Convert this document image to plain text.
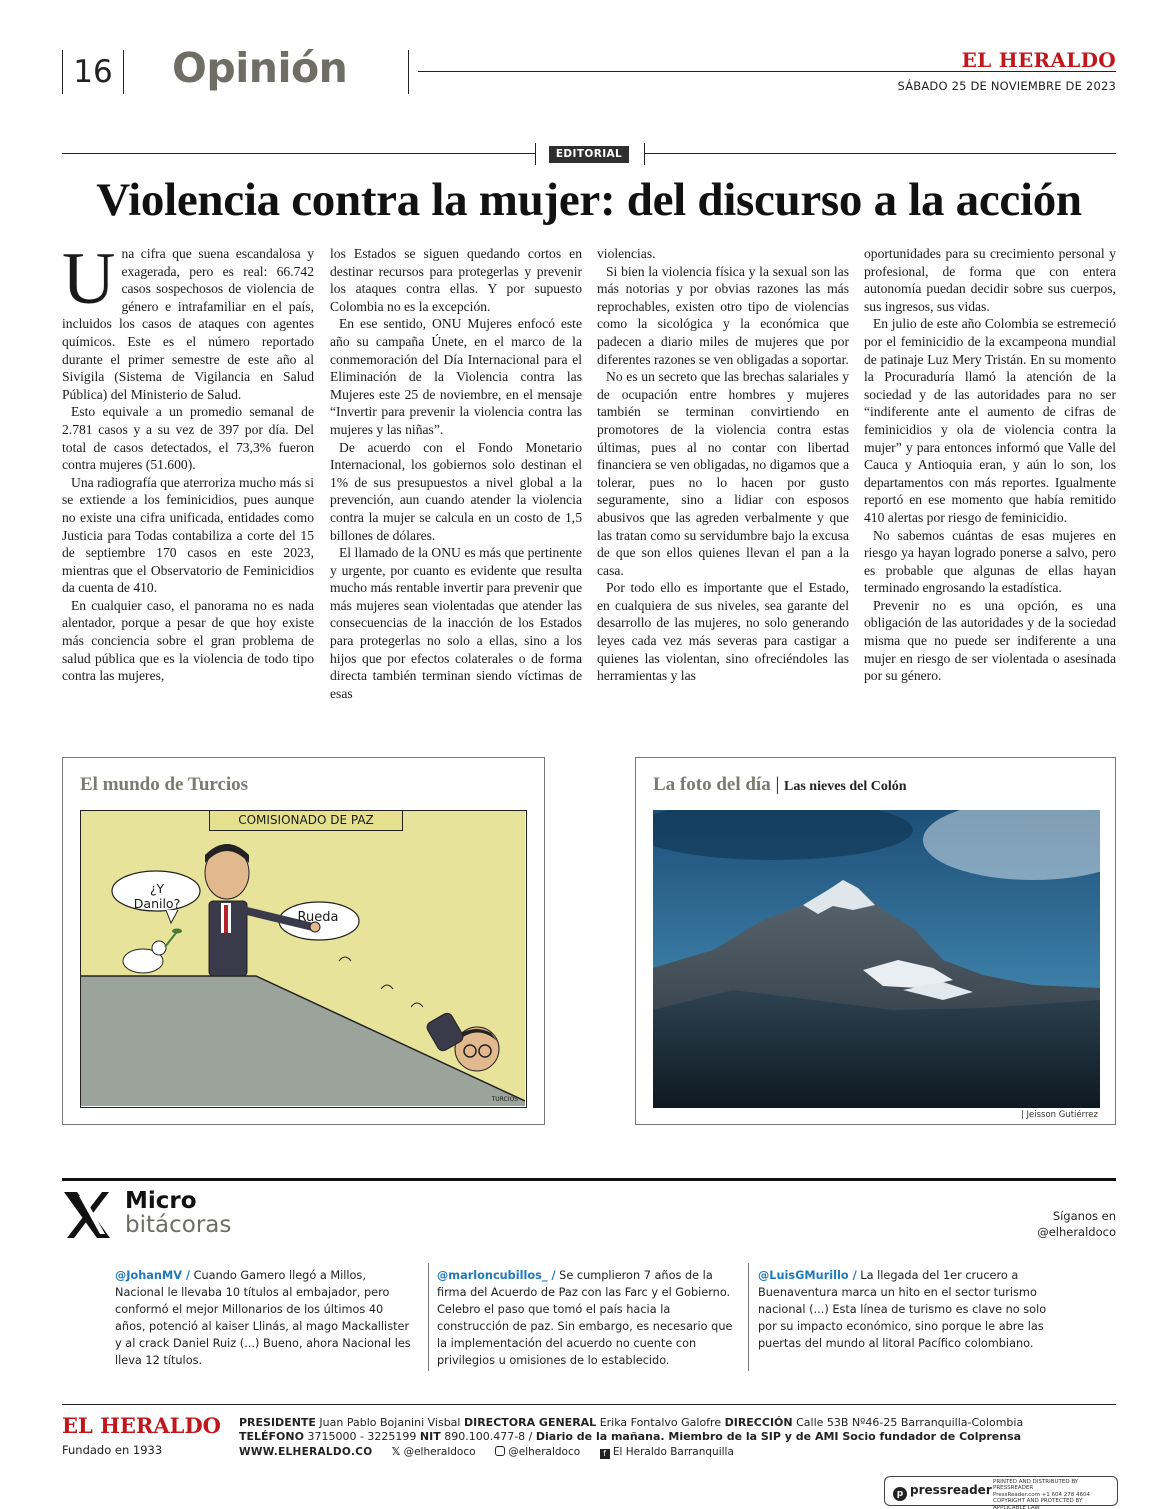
16 Opinión	EL HERALDO
SÁBADO 25 DE NOVIEMBRE DE 2023
EDITORIAL
Violencia contra la mujer: del discurso a la acción

Una cifra que suena escandalosa y exagerada, pero es real: 66.742 casos sospechosos de violencia de género e intrafamiliar en el país, incluidos los casos de ataques con agentes químicos. Este es el número reportado durante el primer semestre de este año al Sivigila (Sistema de Vigilancia en Salud Pública) del Ministerio de Salud.

Esto equivale a un promedio semanal de 2.781 casos y a su vez de 397 por día. Del total de casos detectados, el 73,3% fueron contra mujeres (51.600).

Una radiografía que aterroriza mucho más si se extiende a los feminicidios, pues aunque no existe una cifra unificada, entidades como Justicia para Todas contabiliza a corte del 15 de septiembre 170 casos en este 2023, mientras que el Observatorio de Feminicidios da cuenta de 410.

En cualquier caso, el panorama no es nada alentador, porque a pesar de que hoy existe más conciencia sobre el gran problema de salud pública que es la violencia de todo tipo contra las mujeres,

los Estados se siguen quedando cortos en destinar recursos para protegerlas y prevenir los ataques contra ellas. Y por supuesto Colombia no es la excepción.

En ese sentido, ONU Mujeres enfocó este año su campaña Únete, en el marco de la conmemoración del Día Internacional para el Eliminación de la Violencia contra las Mujeres este 25 de noviembre, en el mensaje “Invertir para prevenir la violencia contra las mujeres y las niñas”.

De acuerdo con el Fondo Monetario Internacional, los gobiernos solo destinan el 1% de sus presupuestos a nivel global a la prevención, aun cuando atender la violencia contra la mujer se calcula en un costo de 1,5 billones de dólares.

El llamado de la ONU es más que pertinente y urgente, por cuanto es evidente que resulta mucho más rentable invertir para prevenir que más mujeres sean violentadas que atender las consecuencias de la inacción de los Estados para protegerlas no solo a ellas, sino a los hijos que por efectos colaterales o de forma directa también terminan siendo víctimas de esas

violencias.

Si bien la violencia física y la sexual son las más notorias y por obvias razones las más reprochables, existen otro tipo de violencias como la sicológica y la económica que padecen a diario miles de mujeres que por diferentes razones se ven obligadas a soportar.

No es un secreto que las brechas salariales y de ocupación entre hombres y mujeres también se terminan convirtiendo en promotores de la violencia contra estas últimas, pues al no contar con libertad financiera se ven obligadas, no digamos que a tolerar, pues no lo hacen por gusto seguramente, sino a lidiar con esposos abusivos que las agreden verbalmente y que las tratan como su servidumbre bajo la excusa de que son ellos quienes llevan el pan a la casa.

Por todo ello es importante que el Estado, en cualquiera de sus niveles, sea garante del desarrollo de las mujeres, no solo generando leyes cada vez más severas para castigar a quienes las violentan, sino ofreciéndoles las herramientas y las

oportunidades para su crecimiento personal y profesional, de forma que con entera autonomía puedan decidir sobre sus cuerpos, sus ingresos, sus vidas.

En julio de este año Colombia se estremeció por el feminicidio de la excampeona mundial de patinaje Luz Mery Tristán. En su momento la Procuraduría llamó la atención de la sociedad y de las autoridades para no ser “indiferente ante el aumento de cifras de feminicidios y ola de violencia contra la mujer” y para entonces informó que Valle del Cauca y Antioquia eran, y aún lo son, los departamentos con más reportes. Igualmente reportó en ese momento que había remitido 410 alertas por riesgo de feminicidio.

No sabemos cuántas de esas mujeres en riesgo ya hayan logrado ponerse a salvo, pero es probable que algunas de ellas hayan terminado engrosando la estadística.

Prevenir no es una opción, es una obligación de las autoridades y de la sociedad misma que no puede ser indiferente a una mujer en riesgo de ser violentada o asesinada por su género.

El mundo de Turcios
COMISIONADO DE PAZ
¿Y Danilo?
Rueda
TURCIOS
La foto del día | Las nieves del Colón
| Jeisson Gutiérrez
Micro
bitácoras	Síganos en
@elheraldoco
@JohanMV / Cuando Gamero llegó a Millos, Nacional le llevaba 10 títulos al embajador, pero conformó el mejor Millonarios de los últimos 40 años, potenció al kaiser Llinás, al mago Mackallister y al crack Daniel Ruiz (...) Bueno, ahora Nacional les lleva 12 títulos.
@marloncubillos_ / Se cumplieron 7 años de la firma del Acuerdo de Paz con las Farc y el Gobierno. Celebro el paso que tomó el país hacia la construcción de paz. Sin embargo, es necesario que la implementación del acuerdo no cuente con privilegios u omisiones de lo establecido.
@LuisGMurillo / La llegada del 1er crucero a Buenaventura marca un hito en el sector turismo nacional (...) Esta línea de turismo es clave no solo por su impacto económico, sino porque le abre las puertas del mundo al litoral Pacífico colombiano.
EL HERALDO
Fundado en 1933
PRESIDENTE Juan Pablo Bojanini Visbal DIRECTORA GENERAL Erika Fontalvo Galofre DIRECCIÓN Calle 53B Nº46-25 Barranquilla-Colombia
TELÉFONO 3715000 - 3225199 NIT 890.100.477-8 / Diario de la mañana. Miembro de la SIP y de AMI Socio fundador de Colprensa
WWW.ELHERALDO.CO 𝕏 @elheraldoco	@elheraldoco	f El Heraldo Barranquilla
p pressreader
PRINTED AND DISTRIBUTED BY PRESSREADER
PressReader.com +1 604 278 4604
COPYRIGHT AND PROTECTED BY APPLICABLE LAW
